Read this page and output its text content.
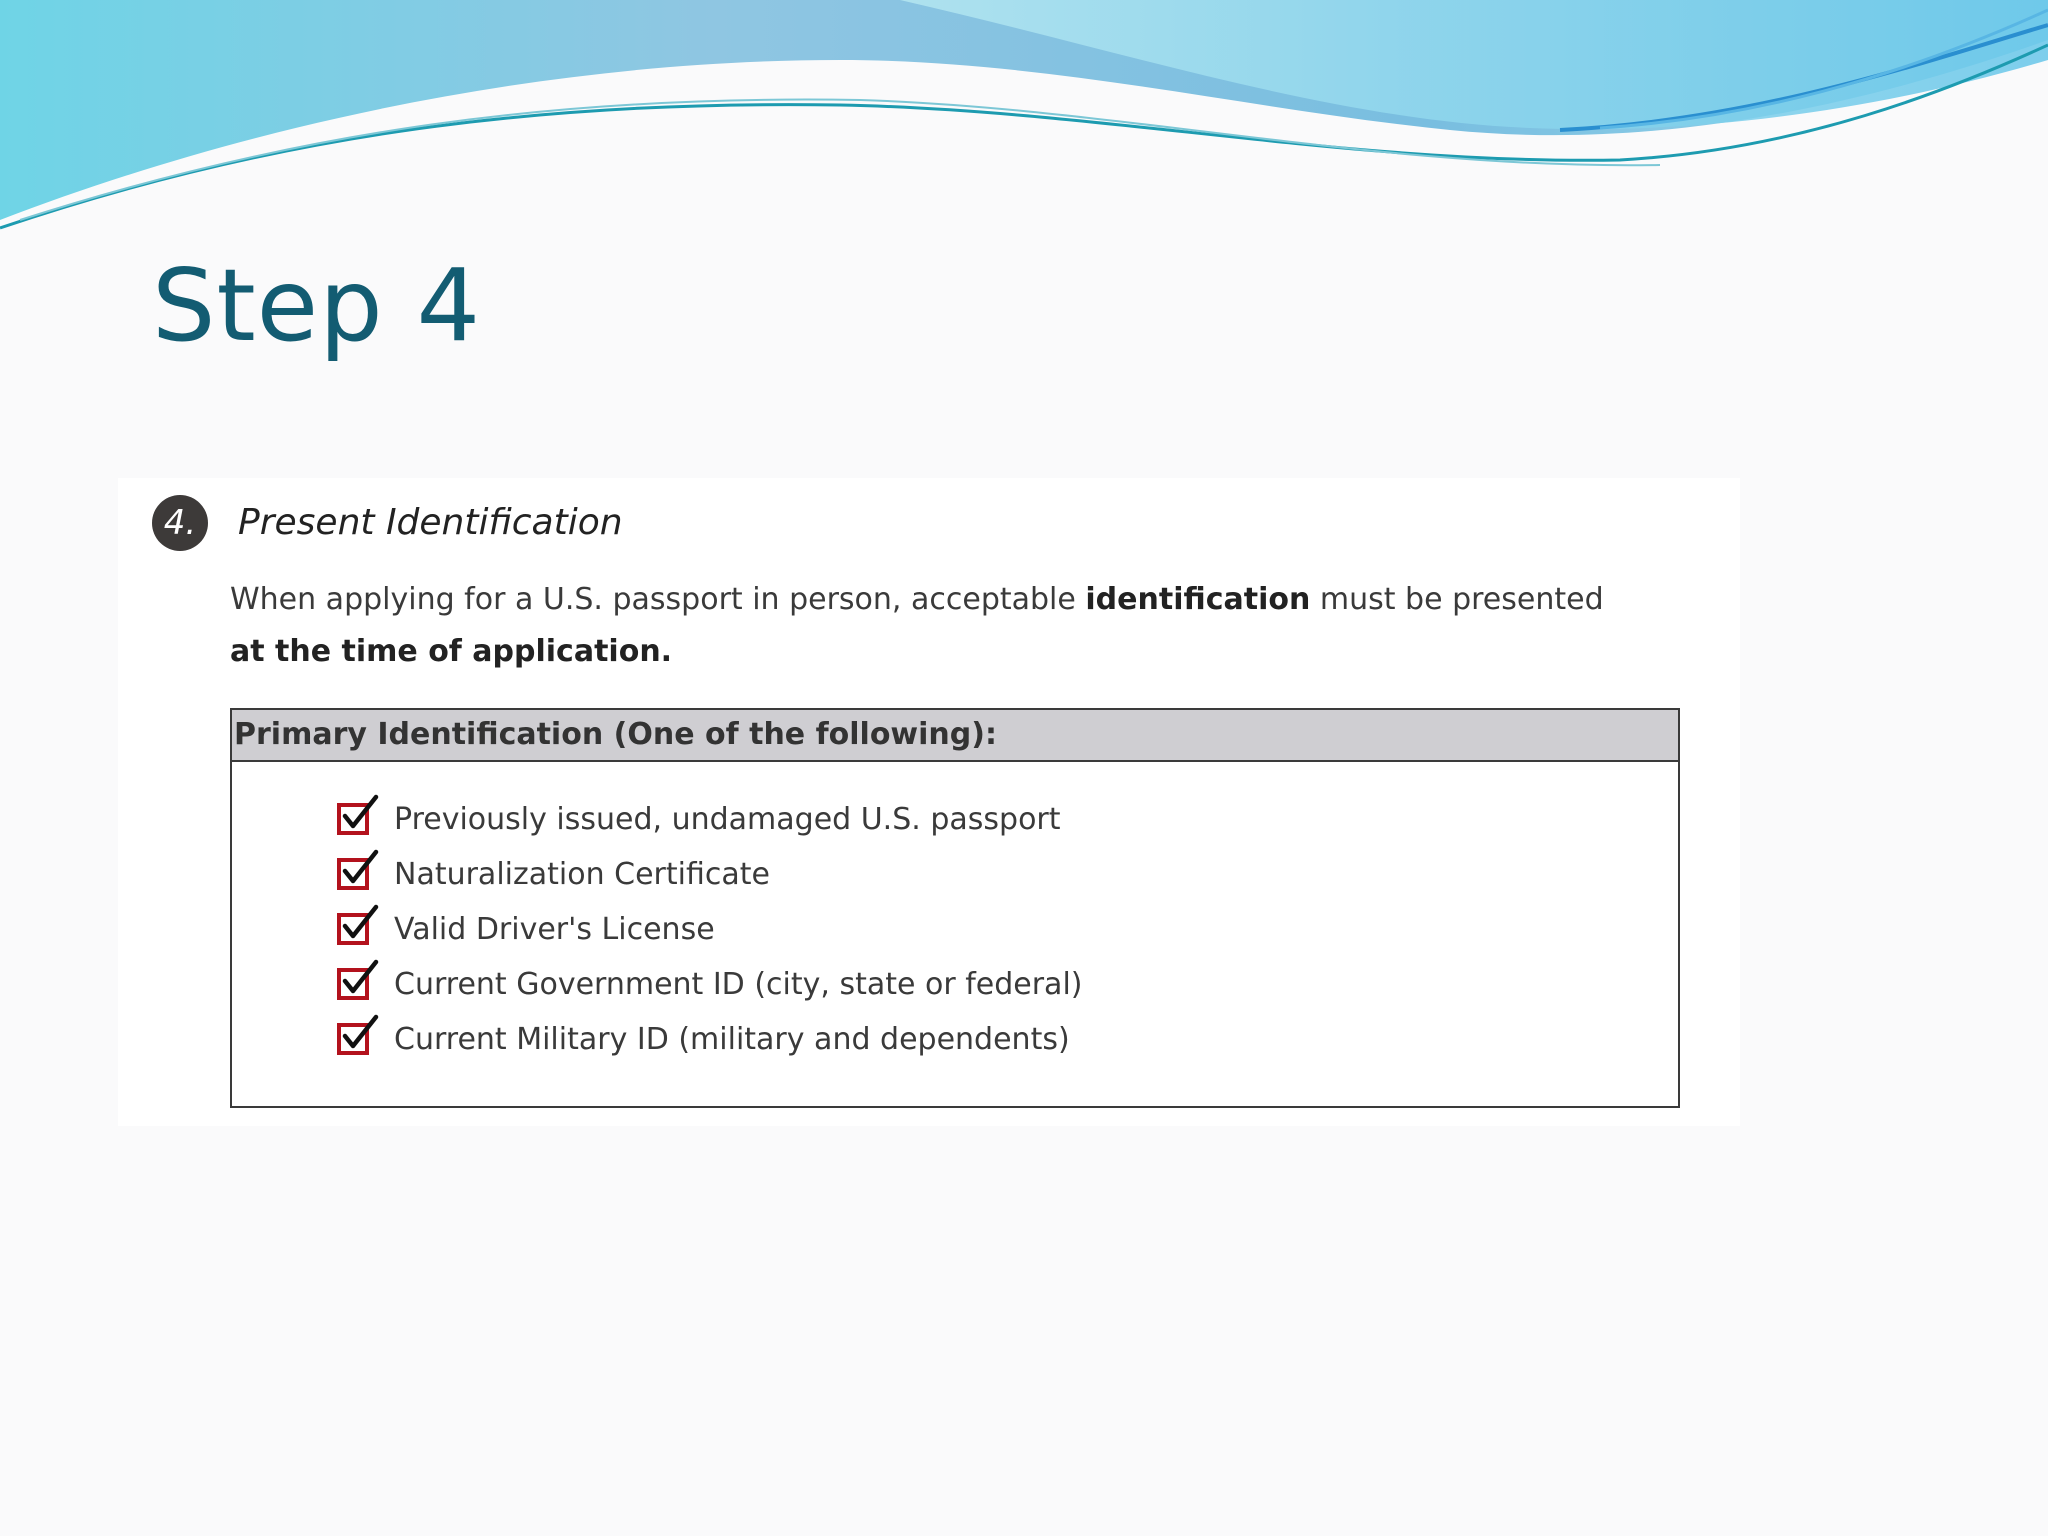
Step 4
4.	Present Identification

When applying for a U.S. passport in person, acceptable identification must be presented at the time of application.

Primary Identification (One of the following):
Previously issued, undamaged U.S. passport
Naturalization Certificate
Valid Driver's License
Current Government ID (city, state or federal)
Current Military ID (military and dependents)
